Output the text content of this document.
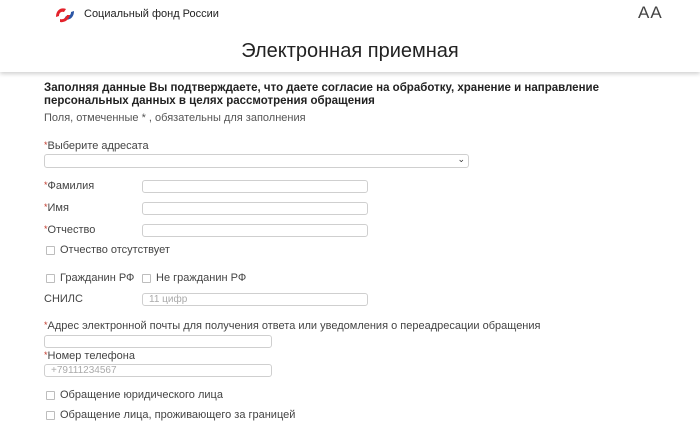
Социальный фонд России	AA
Электронная приемная
Заполняя данные Вы подтверждаете, что даете согласие на обработку, хранение и направление персональных данных в целях рассмотрения обращения
Поля, отмеченные * , обязательны для заполнения
*Выберите адресата
⌄
*Фамилия
*Имя
*Отчество
Отчество отсутствует
Гражданин РФ Не гражданин РФ
СНИЛС	11 цифр
*Адрес электронной почты для получения ответа или уведомления о переадресации обращения
*Номер телефона
+79111234567
Обращение юридического лица
Обращение лица, проживающего за границей
